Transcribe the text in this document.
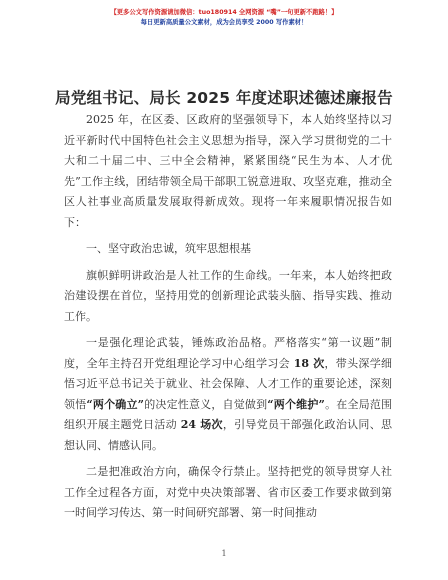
【更多公文写作资源请加微信：tuo180914 全网资源 “嘴”一句更新不跑路！】
每日更新高质量公文素材，成为会员享受 2000 写作素材！
局党组书记、局长 2025 年度述职述德述廉报告

2025 年，在区委、区政府的坚强领导下，本人始终坚持以习近平新时代中国特色社会主义思想为指导，深入学习贯彻党的二十大和二十届二中、三中全会精神，紧紧围绕“民生为本、人才优先”工作主线，团结带领全局干部职工锐意进取、攻坚克难，推动全区人社事业高质量发展取得新成效。现将一年来履职情况报告如下：

一、坚守政治忠诚，筑牢思想根基

旗帜鲜明讲政治是人社工作的生命线。一年来，本人始终把政治建设摆在首位，坚持用党的创新理论武装头脑、指导实践、推动工作。

一是强化理论武装，锤炼政治品格。严格落实“第一议题”制度，全年主持召开党组理论学习中心组学习会 18 次，带头深学细悟习近平总书记关于就业、社会保障、人才工作的重要论述，深刻领悟“两个确立”的决定性意义，自觉做到“两个维护”。在全局范围组织开展主题党日活动 24 场次，引导党员干部强化政治认同、思想认同、情感认同。

二是把准政治方向，确保令行禁止。坚持把党的领导贯穿人社工作全过程各方面，对党中央决策部署、省市区委工作要求做到第一时间学习传达、第一时间研究部署、第一时间推动

1
